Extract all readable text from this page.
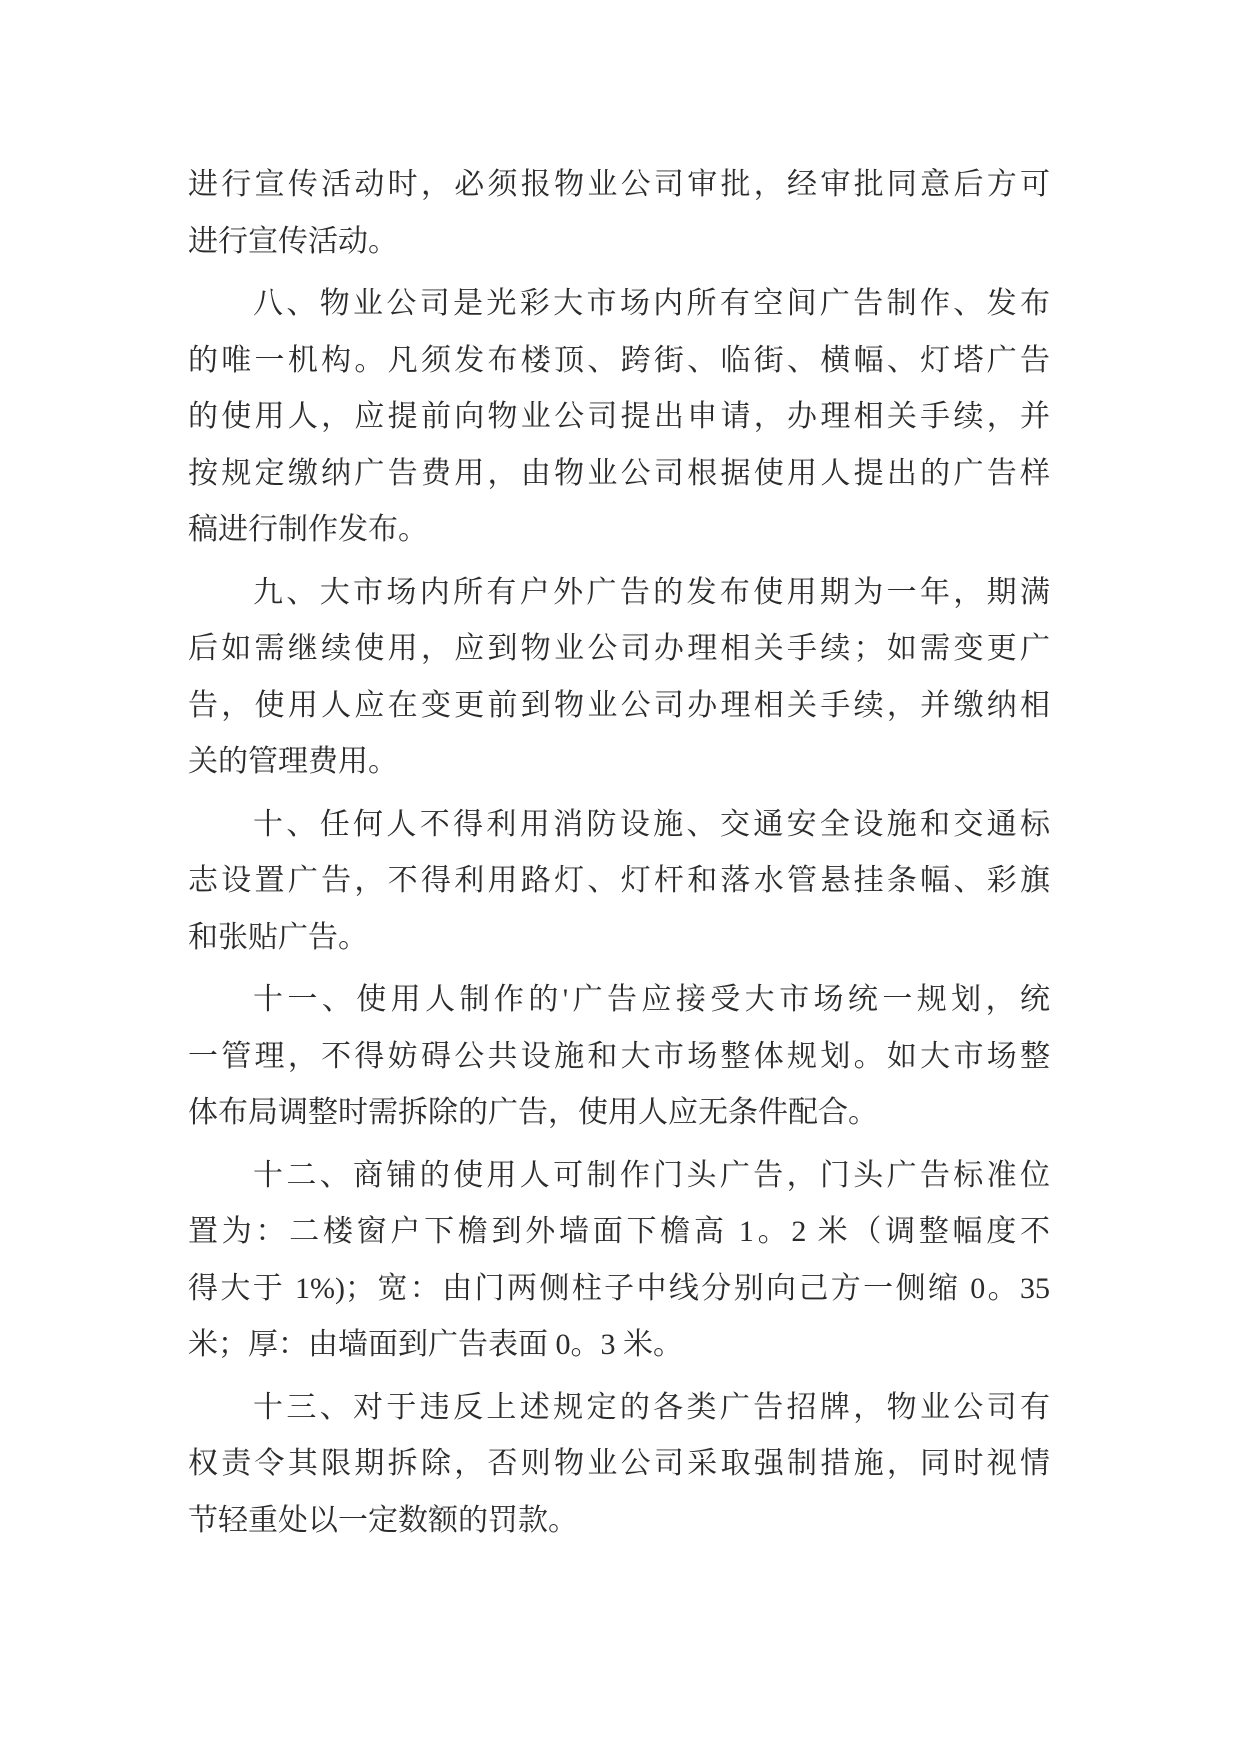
进行宣传活动时，必须报物业公司审批，经审批同意后方可
进行宣传活动。
八、物业公司是光彩大市场内所有空间广告制作、发布
的唯一机构。凡须发布楼顶、跨街、临街、横幅、灯塔广告
的使用人，应提前向物业公司提出申请，办理相关手续，并
按规定缴纳广告费用，由物业公司根据使用人提出的广告样
稿进行制作发布。
九、大市场内所有户外广告的发布使用期为一年，期满
后如需继续使用，应到物业公司办理相关手续；如需变更广
告，使用人应在变更前到物业公司办理相关手续，并缴纳相
关的管理费用。
十、任何人不得利用消防设施、交通安全设施和交通标
志设置广告，不得利用路灯、灯杆和落水管悬挂条幅、彩旗
和张贴广告。
十一、使用人制作的'广告应接受大市场统一规划，统
一管理，不得妨碍公共设施和大市场整体规划。如大市场整
体布局调整时需拆除的广告，使用人应无条件配合。
十二、商铺的使用人可制作门头广告，门头广告标准位
置为：二楼窗户下檐到外墙面下檐高 1。2 米（调整幅度不
得大于 1%)；宽：由门两侧柱子中线分别向己方一侧缩 0。35
米；厚：由墙面到广告表面 0。3 米。
十三、对于违反上述规定的各类广告招牌，物业公司有
权责令其限期拆除，否则物业公司采取强制措施，同时视情
节轻重处以一定数额的罚款。
